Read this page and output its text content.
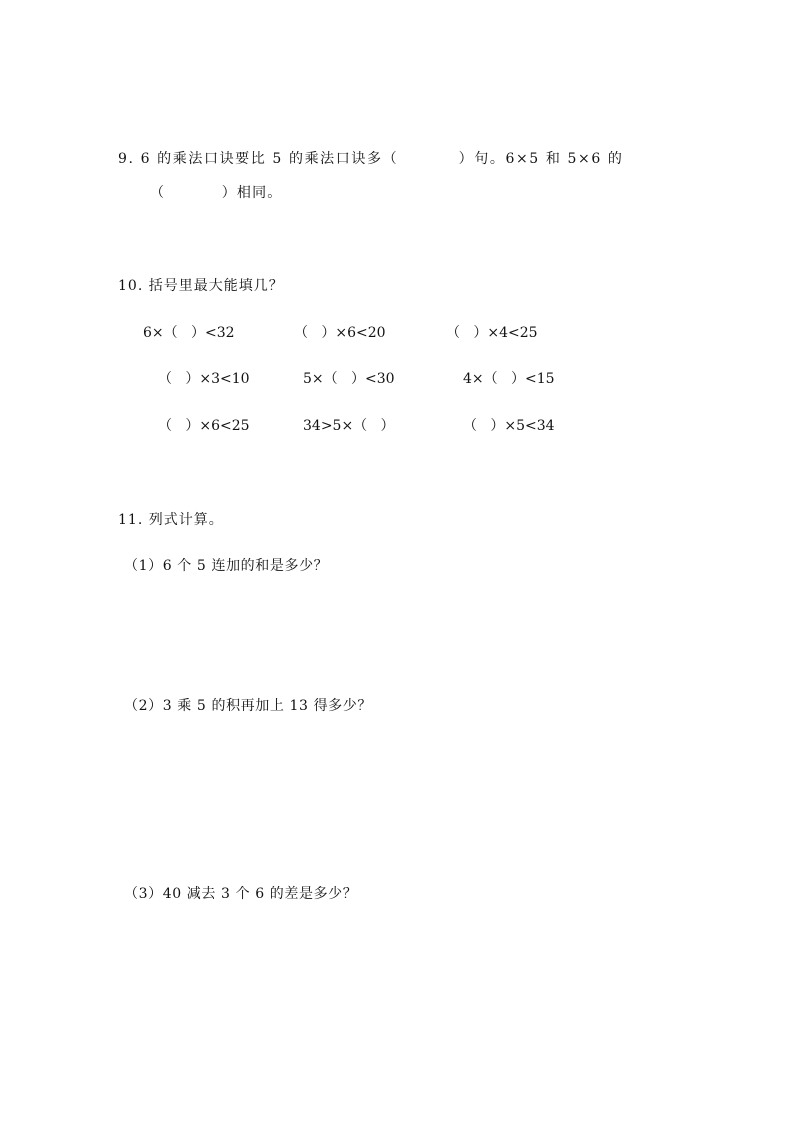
9. 6 的乘法口诀要比 5 的乘法口诀多（          ）句。6×5 和 5×6 的
（          ）相同。
10. 括号里最大能填几？
6×（   ）<32	（   ）×6<20	（   ）×4<25
（   ）×3<10	5×（   ）<30	4×（   ）<15
（   ）×6<25	34>5×（   ）	（   ）×5<34
11. 列式计算。
（1）6 个 5 连加的和是多少？
（2）3 乘 5 的积再加上 13 得多少？
（3）40 减去 3 个 6 的差是多少？
